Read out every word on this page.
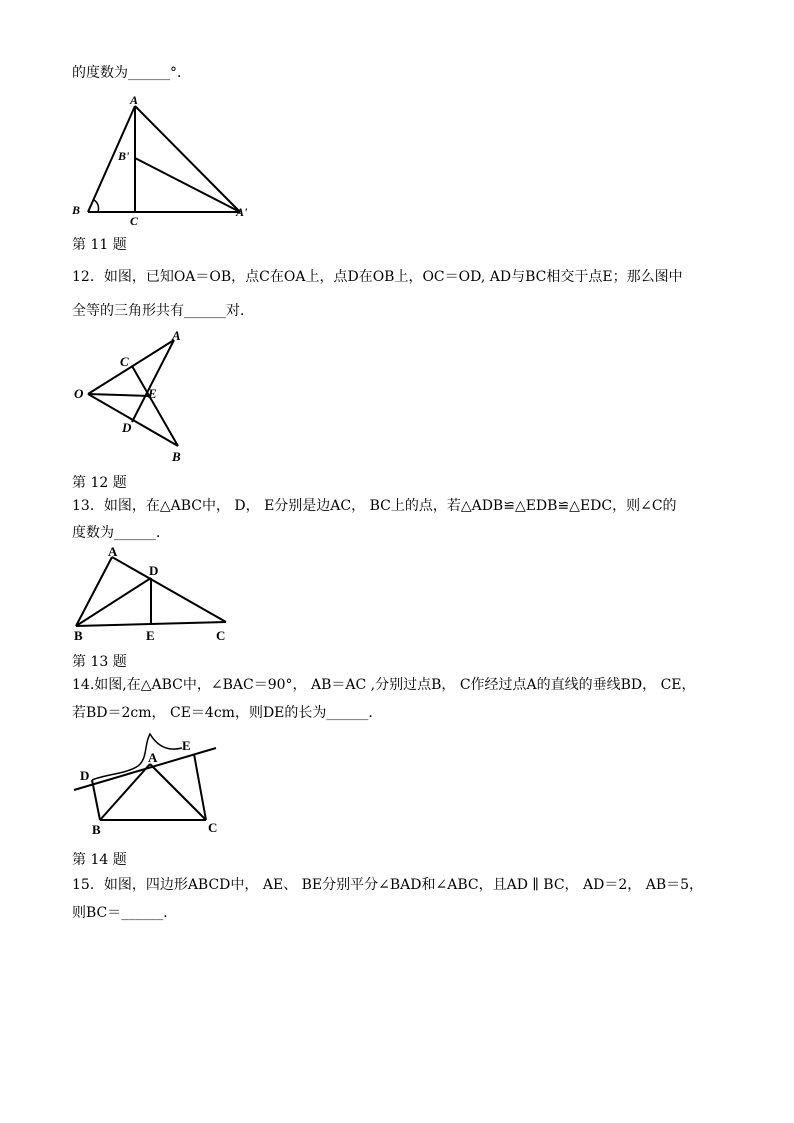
的度数为______°．
A
B'
B
C
A'
第 11 题
12．如图，已知OA＝OB，点C在OA上，点D在OB上，OC＝OD, AD与BC相交于点E；那么图中
全等的三角形共有______对．
A
C
O	E
D
B
第 12 题
13．如图，在△ABC中， D， E分别是边AC， BC上的点，若△ADB≌△EDB≌△EDC，则∠C的
度数为______．
A
D
B	E	C
第 13 题
14.如图,在△ABC中，∠BAC＝90°， AB＝AC ,分别过点B， C作经过点A的直线的垂线BD， CE，
若BD＝2cm， CE＝4cm，则DE的长为______．
E
A
D
B	C
第 14 题
15．如图，四边形ABCD中， AE、 BE分别平分∠BAD和∠ABC，且AD ∥ BC， AD＝2， AB＝5，
则BC＝______．
